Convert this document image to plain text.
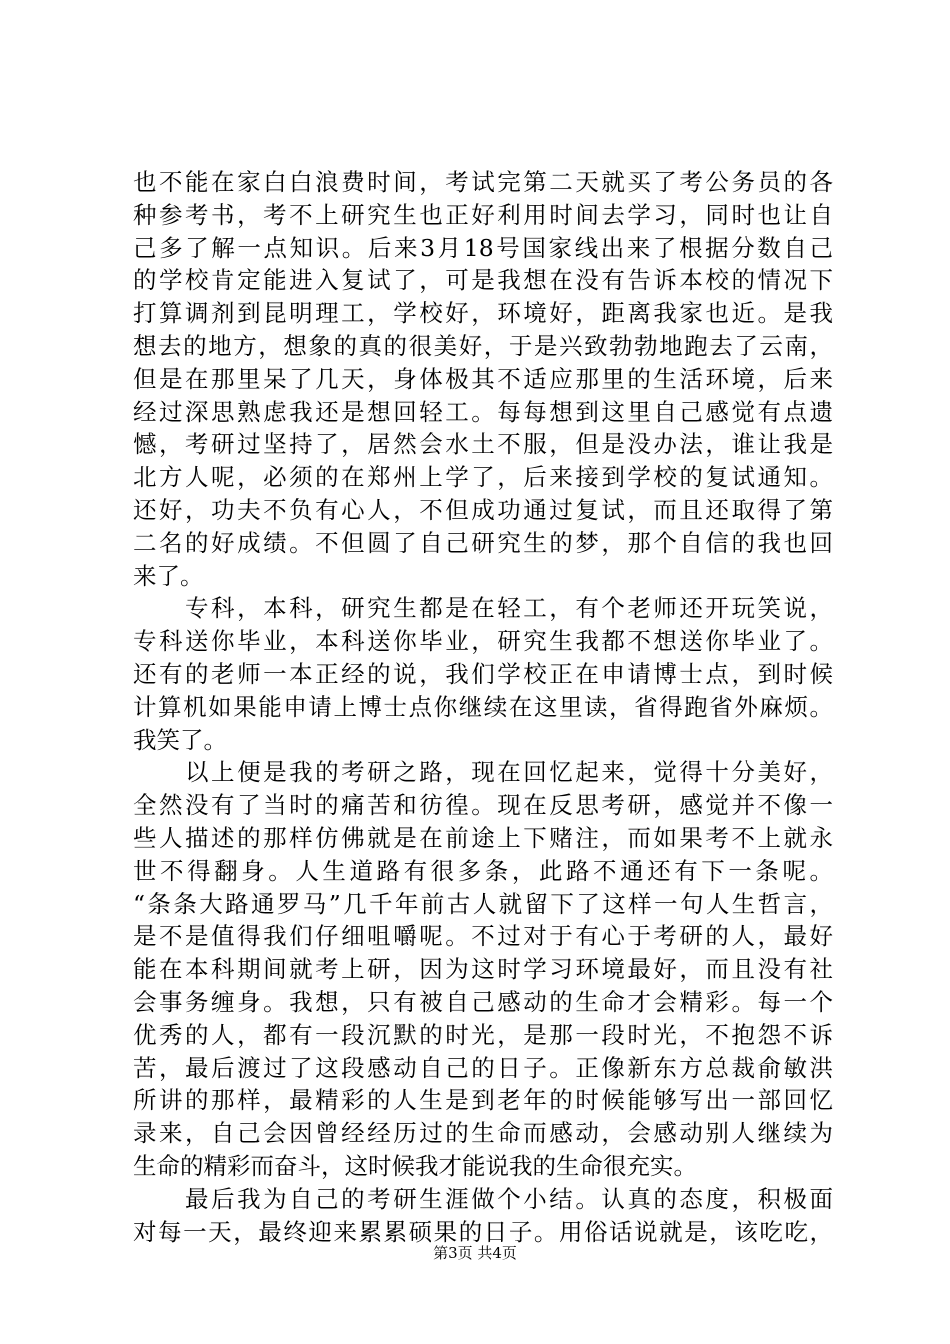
也不能在家白白浪费时间，考试完第二天就买了考公务员的各
种参考书，考不上研究生也正好利用时间去学习，同时也让自
己多了解一点知识。后来3月18号国家线出来了根据分数自己
的学校肯定能进入复试了，可是我想在没有告诉本校的情况下
打算调剂到昆明理工，学校好，环境好，距离我家也近。是我
想去的地方，想象的真的很美好，于是兴致勃勃地跑去了云南，
但是在那里呆了几天，身体极其不适应那里的生活环境，后来
经过深思熟虑我还是想回轻工。每每想到这里自己感觉有点遗
憾，考研过坚持了，居然会水土不服，但是没办法，谁让我是
北方人呢，必须的在郑州上学了，后来接到学校的复试通知。
还好，功夫不负有心人，不但成功通过复试，而且还取得了第
二名的好成绩。不但圆了自己研究生的梦，那个自信的我也回
来了。
　　专科，本科，研究生都是在轻工，有个老师还开玩笑说，
专科送你毕业，本科送你毕业，研究生我都不想送你毕业了。
还有的老师一本正经的说，我们学校正在申请博士点，到时候
计算机如果能申请上博士点你继续在这里读，省得跑省外麻烦。
我笑了。
　　以上便是我的考研之路，现在回忆起来，觉得十分美好，
全然没有了当时的痛苦和彷徨。现在反思考研，感觉并不像一
些人描述的那样仿佛就是在前途上下赌注，而如果考不上就永
世不得翻身。人生道路有很多条，此路不通还有下一条呢。
“条条大路通罗马”几千年前古人就留下了这样一句人生哲言，
是不是值得我们仔细咀嚼呢。不过对于有心于考研的人，最好
能在本科期间就考上研，因为这时学习环境最好，而且没有社
会事务缠身。我想，只有被自己感动的生命才会精彩。每一个
优秀的人，都有一段沉默的时光，是那一段时光，不抱怨不诉
苦，最后渡过了这段感动自己的日子。正像新东方总裁俞敏洪
所讲的那样，最精彩的人生是到老年的时候能够写出一部回忆
录来，自己会因曾经经历过的生命而感动，会感动别人继续为
生命的精彩而奋斗，这时候我才能说我的生命很充实。
　　最后我为自己的考研生涯做个小结。认真的态度，积极面
对每一天，最终迎来累累硕果的日子。用俗话说就是，该吃吃，
第3页 共4页
